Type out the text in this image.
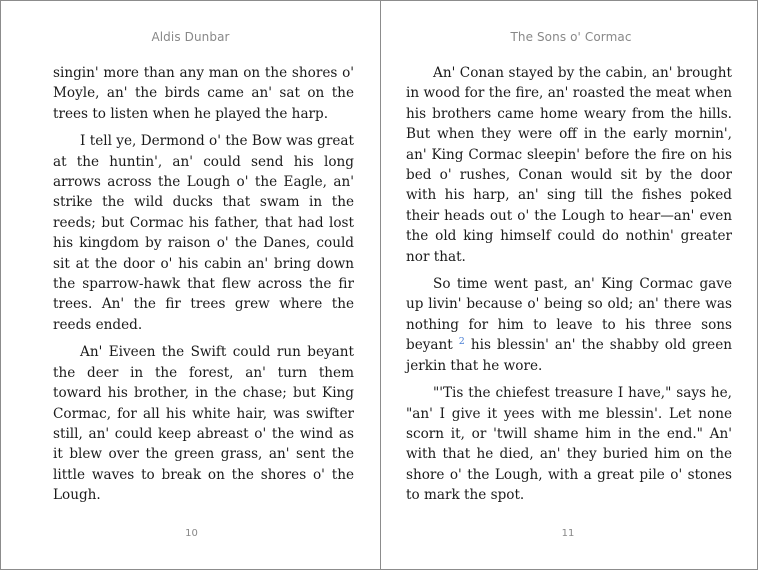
Aldis Dunbar

singin' more than any man on the shores o' Moyle, an' the birds came an' sat on the trees to listen when he played the harp.

I tell ye, Dermond o' the Bow was great at the huntin', an' could send his long arrows across the Lough o' the Eagle, an' strike the wild ducks that swam in the reeds; but Cormac his father, that had lost his kingdom by raison o' the Danes, could sit at the door o' his cabin an' bring down the sparrow-hawk that flew across the fir trees. An' the fir trees grew where the reeds ended.

An' Eiveen the Swift could run beyant the deer in the forest, an' turn them toward his brother, in the chase; but King Cormac, for all his white hair, was swifter still, an' could keep abreast o' the wind as it blew over the green grass, an' sent the little waves to break on the shores o' the Lough.

10
The Sons o' Cormac

An' Conan stayed by the cabin, an' brought in wood for the fire, an' roasted the meat when his brothers came home weary from the hills. But when they were off in the early mornin', an' King Cormac sleepin' before the fire on his bed o' rushes, Conan would sit by the door with his harp, an' sing till the fishes poked their heads out o' the Lough to hear—an' even the old king himself could do nothin' greater nor that.

So time went past, an' King Cormac gave up livin' because o' being so old; an' there was nothing for him to leave to his three sons beyant $^2$ his blessin' an' the shabby old green jerkin that he wore.

"'Tis the chiefest treasure I have," says he, "an' I give it yees with me blessin'. Let none scorn it, or 'twill shame him in the end." An' with that he died, an' they buried him on the shore o' the Lough, with a great pile o' stones to mark the spot.

11
